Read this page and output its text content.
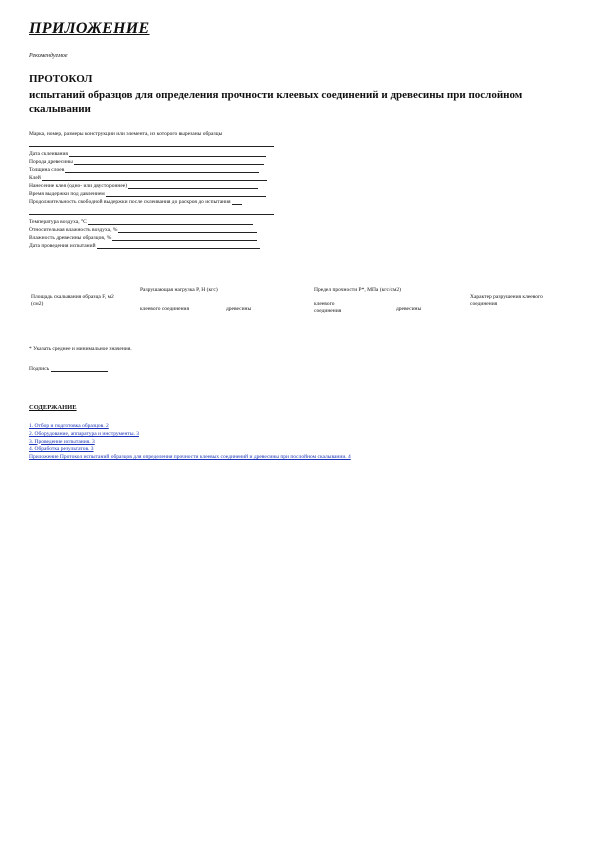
ПРИЛОЖЕНИЕ
Рекомендуемое
ПРОТОКОЛ
испытаний образцов для определения прочности клеевых соединений и древесины при послойном скалывании
Марка, номер, размеры конструкции или элемента, из которого вырезаны образцы
Дата склеивания
Порода древесины
Толщина слоев
Клей
Нанесение клея (одно- или двустороннее)
Время выдержки под давлением
Продолжительность свободной выдержки после склеивания до раскроя до испытания
Температура воздуха, °С
Относительная влажность воздуха, %
Влажность древесины образцов, %
Дата проведения испытаний
Площадь скалывания образца F, м2 (см2)
Разрушающая нагрузка P, Н (кгс)
клеевого соединения	древесины
Предел прочности Р*, МПа (кгс/см2)
клеевого соединения	древесины
Характер разрушения клеевого соединения
* Указать среднее и минимальное значения.
Подпись
СОДЕРЖАНИЕ
1. Отбор и подготовка образцов. 2
2. Оборудование, аппаратура и инструменты. 3
3. Проведение испытания. 3
4. Обработка результатов. 3
Приложение Протокол испытаний образцов для определения прочности клеевых соединений и древесины при послойном скалывании. 4
